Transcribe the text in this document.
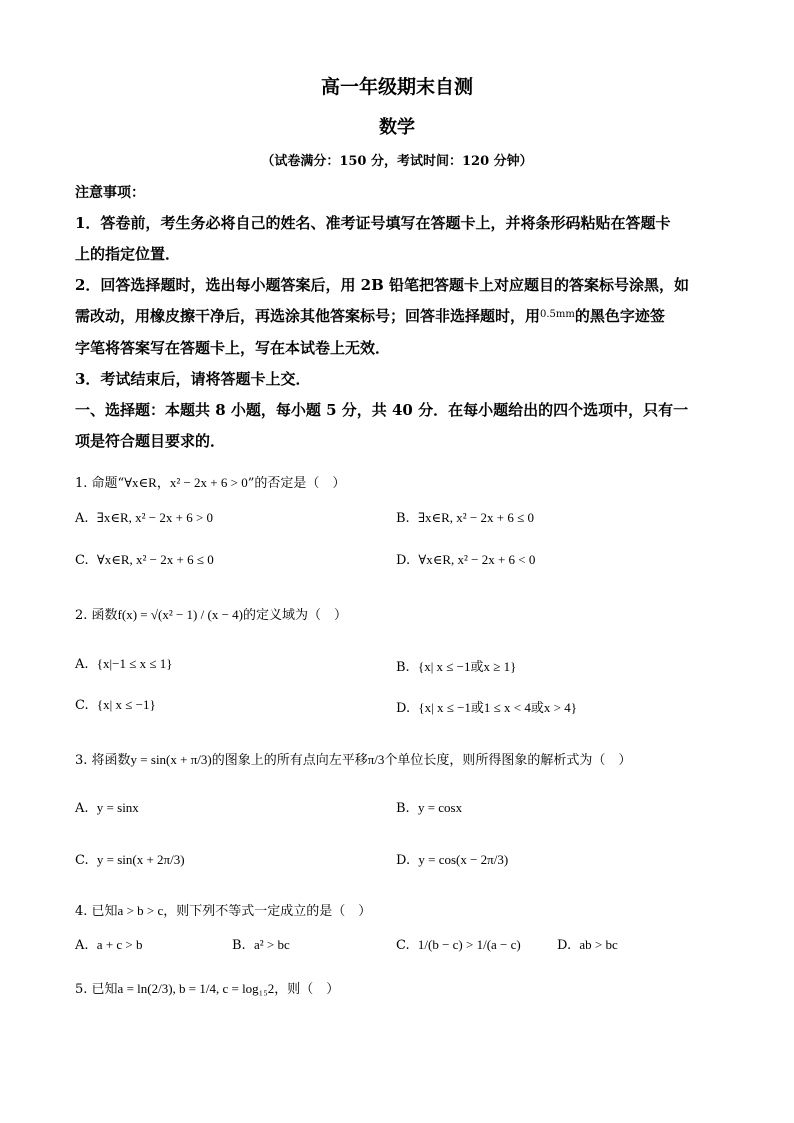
高一年级期末自测
数学
（试卷满分：150 分，考试时间：120 分钟）
注意事项：
1．答卷前，考生务必将自己的姓名、准考证号填写在答题卡上，并将条形码粘贴在答题卡
上的指定位置．
2．回答选择题时，选出每小题答案后，用 2B 铅笔把答题卡上对应题目的答案标号涂黑，如
需改动，用橡皮擦干净后，再选涂其他答案标号；回答非选择题时，用$^{0.5mm}$的黑色字迹签
字笔将答案写在答题卡上，写在本试卷上无效．
3．考试结束后，请将答题卡上交．
一、选择题：本题共 8 小题，每小题 5 分，共 40 分．在每小题给出的四个选项中，只有一
项是符合题目要求的．
1. 命题“∀x∈R，x² − 2x + 6 > 0”的否定是（　）
A. ∃x∈R, x² − 2x + 6 > 0	B. ∃x∈R, x² − 2x + 6 ≤ 0
C. ∀x∈R, x² − 2x + 6 ≤ 0	D. ∀x∈R, x² − 2x + 6 < 0
2. 函数f(x) = √(x² − 1) / (x − 4)的定义域为（　）
A. {x|−1 ≤ x ≤ 1}	B. {x| x ≤ −1或x ≥ 1}
C. {x| x ≤ −1}	D. {x| x ≤ −1或1 ≤ x < 4或x > 4}
3. 将函数y = sin(x + π/3)的图象上的所有点向左平移π/3个单位长度，则所得图象的解析式为（　）
A. y = sinx	B. y = cosx
C. y = sin(x + 2π/3)	D. y = cos(x − 2π/3)
4. 已知a > b > c，则下列不等式一定成立的是（　）
A. a + c > b	B. a² > bc	C. 1/(b − c) > 1/(a − c)	D. ab > bc
5. 已知a = ln(2/3), b = 1/4, c = log₁₅2，则（　）
